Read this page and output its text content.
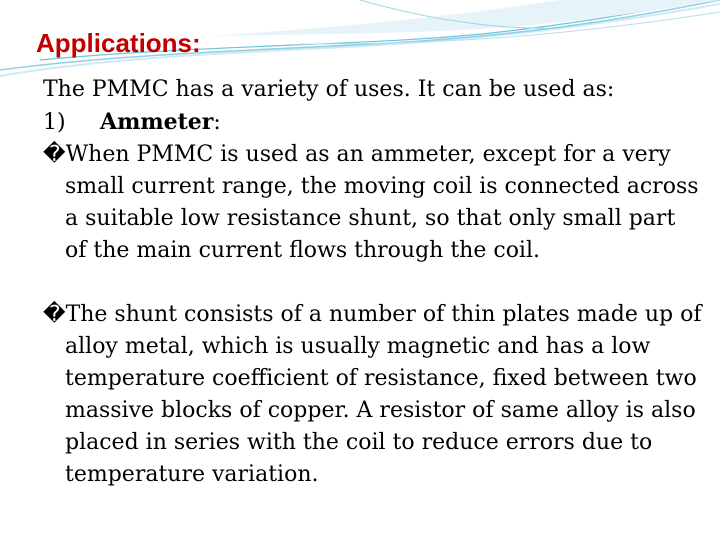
Applications:

The PMMC has a variety of uses. It can be used as:

1) Ammeter:

�When PMMC is used as an ammeter, except for a very small current range, the moving coil is connected across a suitable low resistance shunt, so that only small part of the main current flows through the coil.

�The shunt consists of a number of thin plates made up of alloy metal, which is usually magnetic and has a low temperature coefficient of resistance, fixed between two massive blocks of copper. A resistor of same alloy is also placed in series with the coil to reduce errors due to temperature variation.
